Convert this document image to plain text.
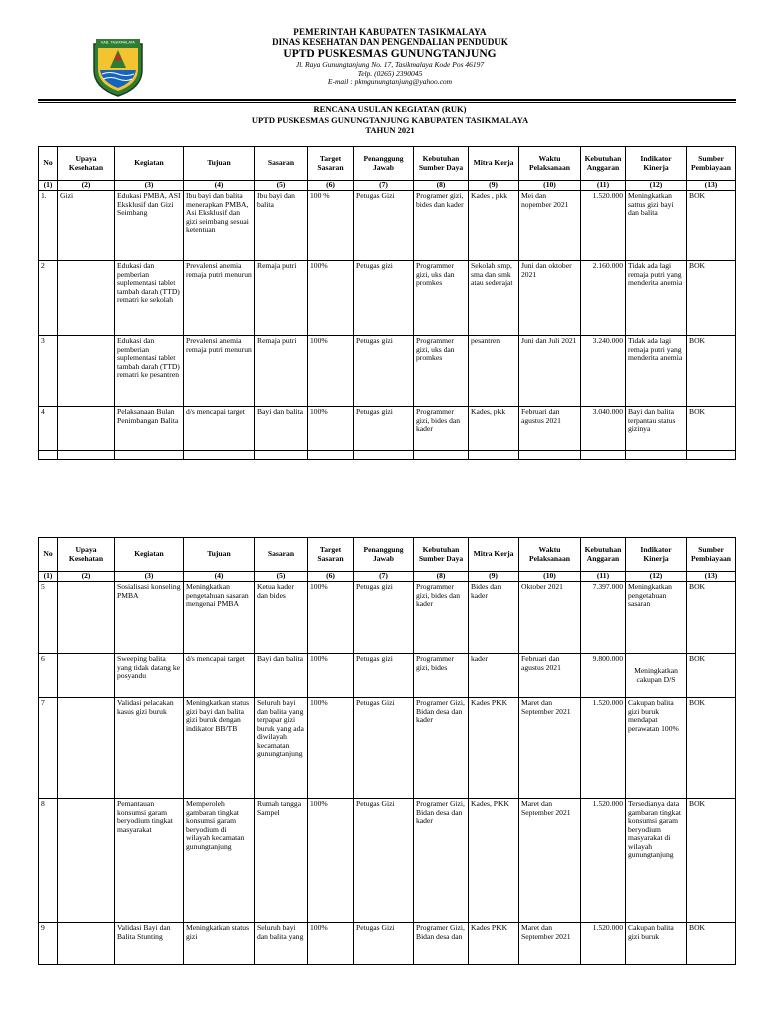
KAB. TASIKMALAYA
PEMERINTAH KABUPATEN TASIKMALAYA
DINAS KESEHATAN DAN PENGENDALIAN PENDUDUK
UPTD PUSKESMAS GUNUNGTANJUNG
Jl. Raya Gunungtanjung No. 17, Tasikmalaya Kode Pos 46197
Telp. (0265) 2390045
E-mail : pkmgunungtanjung@yahoo.com
RENCANA USULAN KEGIATAN (RUK)
UPTD PUSKESMAS GUNUNGTANJUNG KABUPATEN TASIKMALAYA
TAHUN 2021
No	Upaya Kesehatan	Kegiatan	Tujuan	Sasaran	Target Sasaran	Penanggung Jawab	Kebutuhan Sumber Daya	Mitra Kerja	Waktu Pelaksanaan	Kebutuhan Anggaran	Indikator Kinerja	Sumber Pembiayaan
(1)	(2)	(3)	(4)	(5)	(6)	(7)	(8)	(9)	(10)	(11)	(12)	(13)
1.	Gizi	Edukasi PMBA, ASI Eksklusif dan Gizi Seimbang	Ibu bayi dan balita menerapkan PMBA, Asi Eksklusif dan gizi seimbang sesuai ketentuan	Ibu bayi dan balita	100 %	Petugas Gizi	Programer gizi, bides dan kader	Kades , pkk	Mei dan nopember 2021	1.520.000	Meningkatkan sattus gizi bayi dan balita	BOK
2		Edukasi dan pemberian suplementasi tablet tambah darah (TTD) rematri ke sekolah	Prevalensi anemia remaja putri menurun	Remaja putri	100%	Petugas gizi	Programmer gizi, uks dan promkes	Sekolah smp, sma dan smk atau sederajat	Juni dan oktober 2021	2.160.000	Tidak ada lagi remaja putri yang menderita anemia	BOK
3		Edukasi dan pemberian suplementasi tablet tambah darah (TTD) rematri ke pesantren	Prevalensi anemia remaja putri menurun	Remaja putri	100%	Petugas gizi	Programmer gizi, uks dan promkes	pesantren	Juni dan Juli 2021	3.240.000	Tidak ada lagi remaja putri yang menderita anemia	BOK
4		Pelaksanaan Bulan Penimbangan Balita	d/s mencapai target	Bayi dan balita	100%	Petugas gizi	Programmer gizi, bides dan kader	Kades, pkk	Februari dan agustus 2021	3.040.000	Bayi dan balita terpantau status gizinya	BOK

No	Upaya Kesehatan	Kegiatan	Tujuan	Sasaran	Target Sasaran	Penanggung Jawab	Kebutuhan Sumber Daya	Mitra Kerja	Waktu Pelaksanaan	Kebutuhan Anggaran	Indikator Kinerja	Sumber Pembiayaan
(1)	(2)	(3)	(4)	(5)	(6)	(7)	(8)	(9)	(10)	(11)	(12)	(13)
5		Sosialisasi konseling PMBA	Meningkatkan pengetahuan sasaran mengenai PMBA	Ketua kader dan bides	100%	Petugas gizi	Programmer gizi, bides dan kader	Bides dan kader	Oktober 2021	7.397.000	Meningkatkan pengetahuan sasaran	BOK
6		Sweeping balita yang tidak datang ke posyandu	d/s mencapai target	Bayi dan balita	100%	Petugas gizi	Programmer gizi, bides	kader	Februari dan agustus 2021	9.800.000	Meningkatkan cakupan D/S	BOK
7		Validasi pelacakan kasus gizi buruk	Meningkatkan status gizi bayi dan balita gizi buruk dengan indikator BB/TB	Seluruh bayi dan balita yang terpapar gizi buruk yang ada diwilayah kecamatan gunungtanjung	100%	Petugas Gizi	Programer Gizi, Bidan desa dan kader	Kades PKK	Maret dan September 2021	1.520.000	Cakupan balita gizi buruk mendapat perawatan 100%	BOK
8		Pemantauan konsumsi garam beryodium tingkat masyarakat	Memperoleh gambaran tingkat konsumsi garam beryodium di wilayah kecamatan gunungtanjung	Rumah tangga Sampel	100%	Petugas Gizi	Programer Gizi, Bidan desa dan kader	Kades, PKK	Maret dan September 2021	1.520.000	Tersedianya data gambaran tingkat konsumsi garam beryodium masyarakat di wilayah gunungtanjung	BOK
9		Validasi Bayi dan Balita Stunting	Meningkatkan status gizi	Seluruh bayi dan balita yang	100%	Petugas Gizi	Programer Gizi, Bidan desa dan	Kades PKK	Maret dan September 2021	1.520.000	Cakupan balita gizi buruk	BOK
